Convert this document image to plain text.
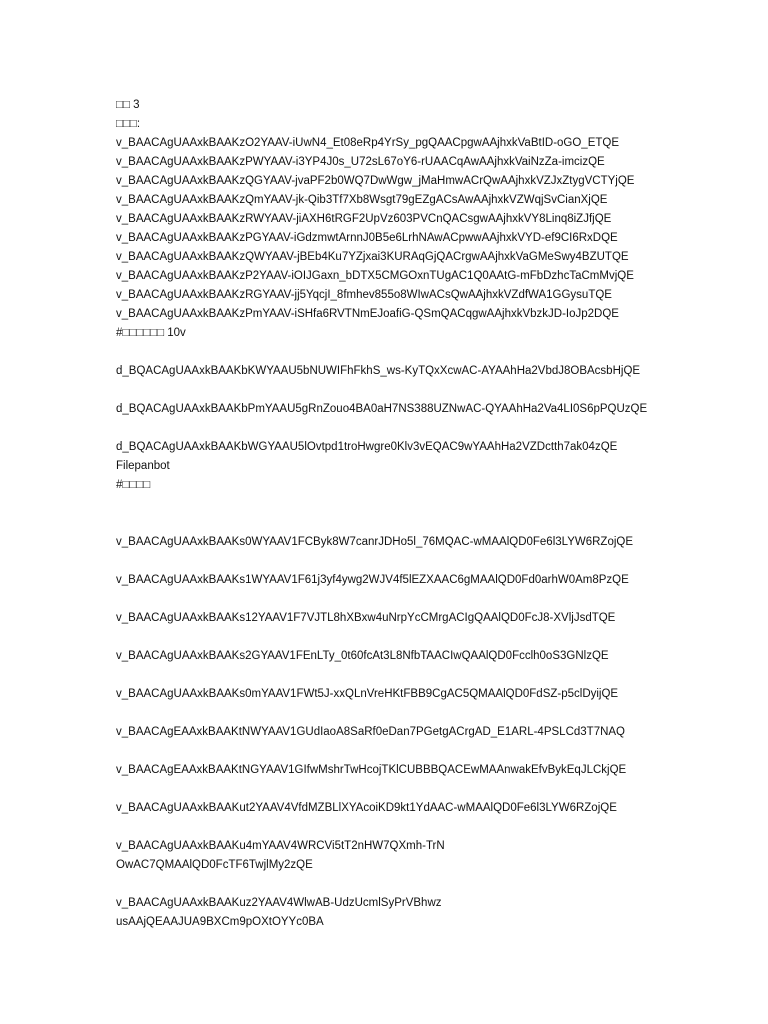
□□ 3
□□□:
v_BAACAgUAAxkBAAKzO2YAAV-iUwN4_Et08eRp4YrSy_pgQAACpgwAAjhxkVaBtID-oGO_ETQE
v_BAACAgUAAxkBAAKzPWYAAV-i3YP4J0s_U72sL67oY6-rUAACqAwAAjhxkVaiNzZa-imcizQE
v_BAACAgUAAxkBAAKzQGYAAV-jvaPF2b0WQ7DwWgw_jMaHmwACrQwAAjhxkVZJxZtygVCTYjQE
v_BAACAgUAAxkBAAKzQmYAAV-jk-Qib3Tf7Xb8Wsgt79gEZgACsAwAAjhxkVZWqjSvCianXjQE
v_BAACAgUAAxkBAAKzRWYAAV-jiAXH6tRGF2UpVz603PVCnQACsgwAAjhxkVY8Linq8iZJfjQE
v_BAACAgUAAxkBAAKzPGYAAV-iGdzmwtArnnJ0B5e6LrhNAwACpwwAAjhxkVYD-ef9CI6RxDQE
v_BAACAgUAAxkBAAKzQWYAAV-jBEb4Ku7YZjxai3KURAqGjQACrgwAAjhxkVaGMeSwy4BZUTQE
v_BAACAgUAAxkBAAKzP2YAAV-iOIJGaxn_bDTX5CMGOxnTUgAC1Q0AAtG-mFbDzhcTaCmMvjQE
v_BAACAgUAAxkBAAKzRGYAAV-jj5YqcjI_8fmhev855o8WIwACsQwAAjhxkVZdfWA1GGysuTQE
v_BAACAgUAAxkBAAKzPmYAAV-iSHfa6RVTNmEJoafiG-QSmQACqgwAAjhxkVbzkJD-IoJp2DQE
#□□□□□□ 10v
d_BQACAgUAAxkBAAKbKWYAAU5bNUWIFhFkhS_ws-KyTQxXcwAC-AYAAhHa2VbdJ8OBAcsbHjQE
d_BQACAgUAAxkBAAKbPmYAAU5gRnZouo4BA0aH7NS388UZNwAC-QYAAhHa2Va4LI0S6pPQUzQE
d_BQACAgUAAxkBAAKbWGYAAU5lOvtpd1troHwgre0Klv3vEQAC9wYAAhHa2VZDctth7ak04zQE
Filepanbot
#□□□□
v_BAACAgUAAxkBAAKs0WYAAV1FCByk8W7canrJDHo5l_76MQAC-wMAAlQD0Fe6l3LYW6RZojQE
v_BAACAgUAAxkBAAKs1WYAAV1F61j3yf4ywg2WJV4f5lEZXAAC6gMAAlQD0Fd0arhW0Am8PzQE
v_BAACAgUAAxkBAAKs12YAAV1F7VJTL8hXBxw4uNrpYcCMrgACIgQAAlQD0FcJ8-XVljJsdTQE
v_BAACAgUAAxkBAAKs2GYAAV1FEnLTy_0t60fcAt3L8NfbTAACIwQAAlQD0Fcclh0oS3GNlzQE
v_BAACAgUAAxkBAAKs0mYAAV1FWt5J-xxQLnVreHKtFBB9CgAC5QMAAlQD0FdSZ-p5clDyijQE
v_BAACAgEAAxkBAAKtNWYAAV1GUdIaoA8SaRf0eDan7PGetgACrgAD_E1ARL-4PSLCd3T7NAQ
v_BAACAgEAAxkBAAKtNGYAAV1GIfwMshrTwHcojTKlCUBBBQACEwMAAnwakEfvBykEqJLCkjQE
v_BAACAgUAAxkBAAKut2YAAV4VfdMZBLlXYAcoiKD9kt1YdAAC-wMAAlQD0Fe6l3LYW6RZojQE
v_BAACAgUAAxkBAAKu4mYAAV4WRCVi5tT2nHW7QXmh-TrNOwAC7QMAAlQD0FcTF6TwjlMy2zQE
v_BAACAgUAAxkBAAKuz2YAAV4WlwAB-UdzUcmlSyPrVBhwzusAAjQEAAJUA9BXCm9pOXtOYYc0BA
